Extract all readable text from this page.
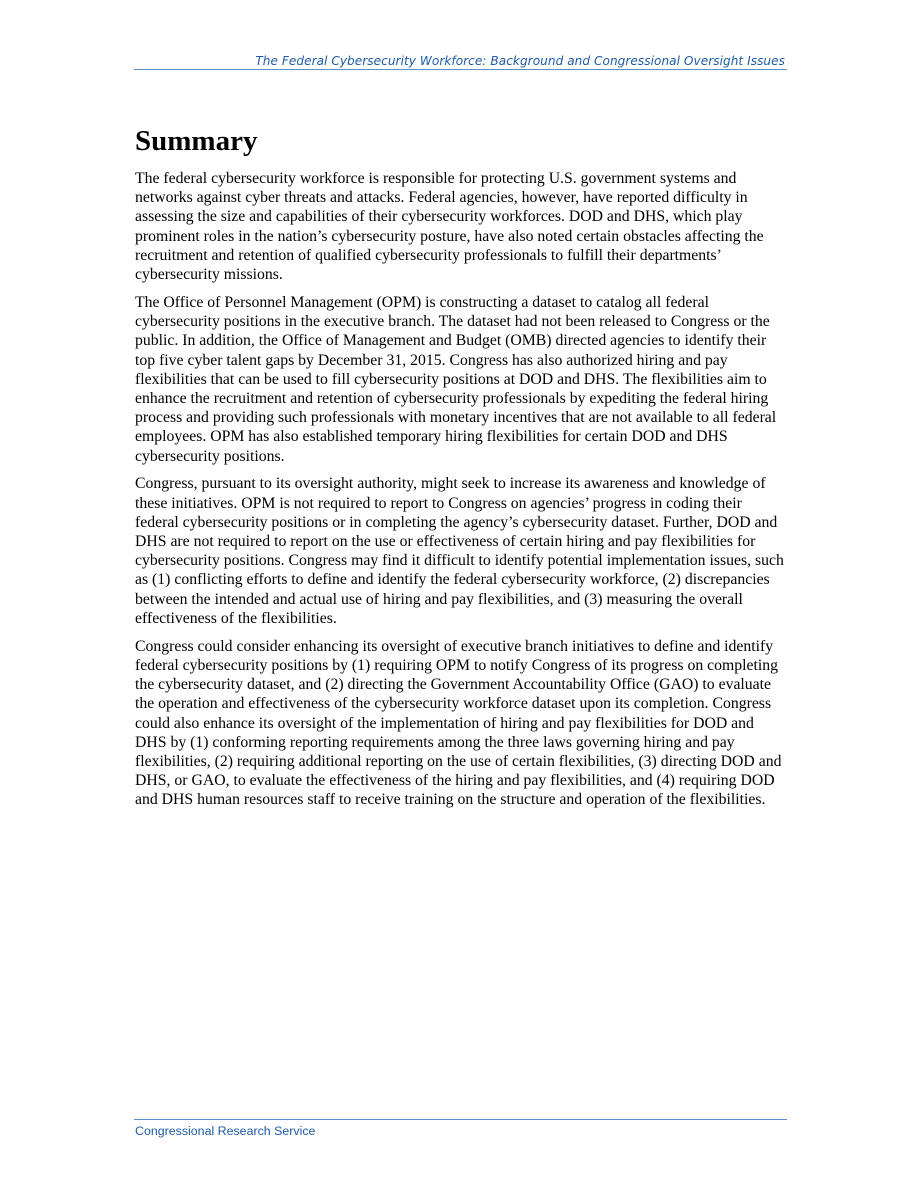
The Federal Cybersecurity Workforce: Background and Congressional Oversight Issues
Summary

The federal cybersecurity workforce is responsible for protecting U.S. government systems and networks against cyber threats and attacks. Federal agencies, however, have reported difficulty in assessing the size and capabilities of their cybersecurity workforces. DOD and DHS, which play prominent roles in the nation’s cybersecurity posture, have also noted certain obstacles affecting the recruitment and retention of qualified cybersecurity professionals to fulfill their departments’ cybersecurity missions.

The Office of Personnel Management (OPM) is constructing a dataset to catalog all federal cybersecurity positions in the executive branch. The dataset had not been released to Congress or the public. In addition, the Office of Management and Budget (OMB) directed agencies to identify their top five cyber talent gaps by December 31, 2015. Congress has also authorized hiring and pay flexibilities that can be used to fill cybersecurity positions at DOD and DHS. The flexibilities aim to enhance the recruitment and retention of cybersecurity professionals by expediting the federal hiring process and providing such professionals with monetary incentives that are not available to all federal employees. OPM has also established temporary hiring flexibilities for certain DOD and DHS cybersecurity positions.

Congress, pursuant to its oversight authority, might seek to increase its awareness and knowledge of these initiatives. OPM is not required to report to Congress on agencies’ progress in coding their federal cybersecurity positions or in completing the agency’s cybersecurity dataset. Further, DOD and DHS are not required to report on the use or effectiveness of certain hiring and pay flexibilities for cybersecurity positions. Congress may find it difficult to identify potential implementation issues, such as (1) conflicting efforts to define and identify the federal cybersecurity workforce, (2) discrepancies between the intended and actual use of hiring and pay flexibilities, and (3) measuring the overall effectiveness of the flexibilities.

Congress could consider enhancing its oversight of executive branch initiatives to define and identify federal cybersecurity positions by (1) requiring OPM to notify Congress of its progress on completing the cybersecurity dataset, and (2) directing the Government Accountability Office (GAO) to evaluate the operation and effectiveness of the cybersecurity workforce dataset upon its completion. Congress could also enhance its oversight of the implementation of hiring and pay flexibilities for DOD and DHS by (1) conforming reporting requirements among the three laws governing hiring and pay flexibilities, (2) requiring additional reporting on the use of certain flexibilities, (3) directing DOD and DHS, or GAO, to evaluate the effectiveness of the hiring and pay flexibilities, and (4) requiring DOD and DHS human resources staff to receive training on the structure and operation of the flexibilities.

Congressional Research Service
